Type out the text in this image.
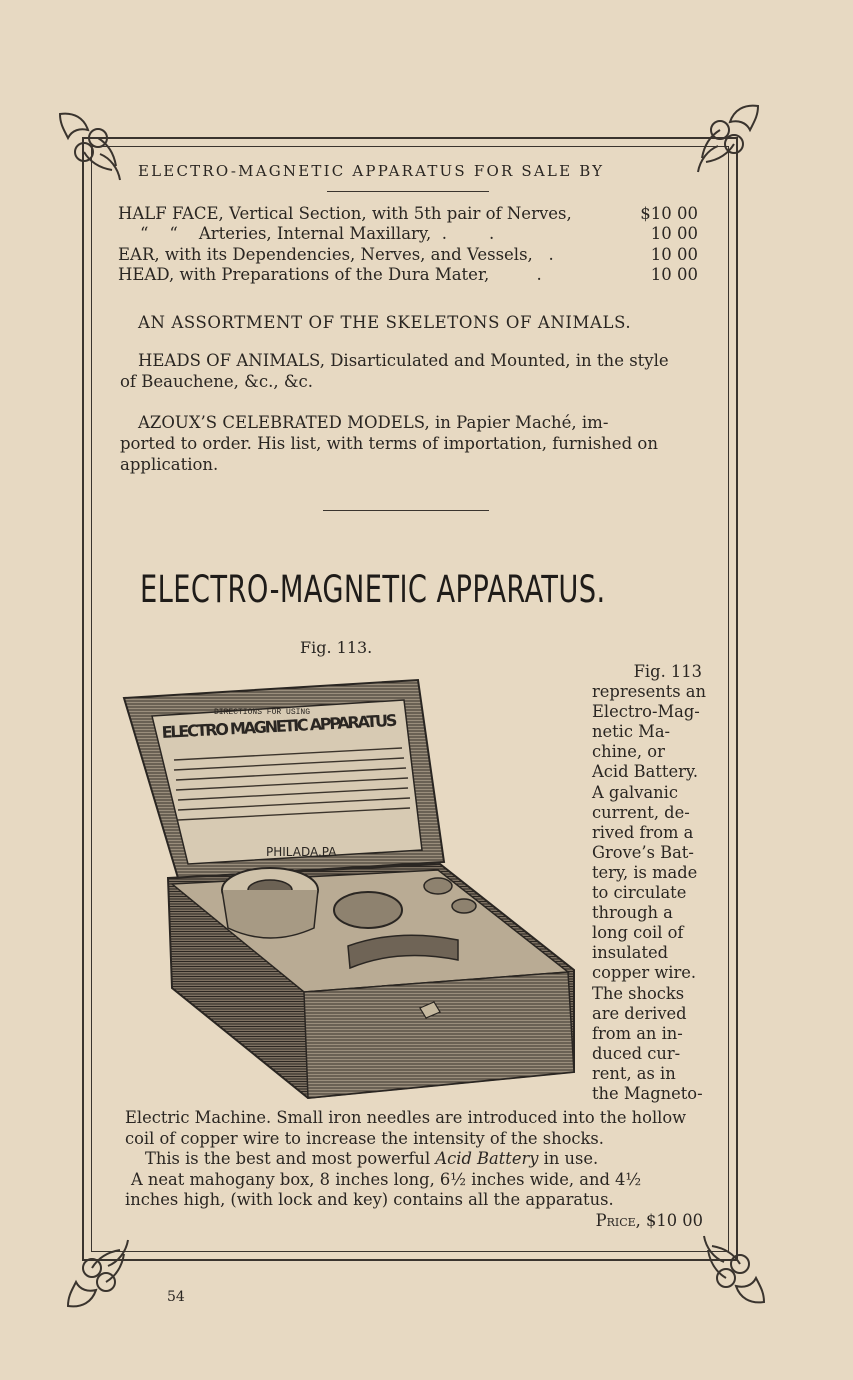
ELECTRO-MAGNETIC APPARATUS FOR SALE BY
HALF FACE, Vertical Section, with 5th pair of Nerves,	$10 00
“    “    Arteries, Internal Maxillary,  .        .	10 00
EAR, with its Dependencies, Nerves, and Vessels,   .	10 00
HEAD, with Preparations of the Dura Mater,         .	10 00
AN ASSORTMENT OF THE SKELETONS OF ANIMALS.
HEADS OF ANIMALS, Disarticulated and Mounted, in the style
of Beauchene, &c., &c.
AZOUX’S CELEBRATED MODELS, in Papier Maché, im-
ported to order. His list, with terms of importation, furnished on
application.
ELECTRO-MAGNETIC APPARATUS.
Fig. 113.
DIRECTIONS FOR USING
ELECTRO MAGNETIC APPARATUS
PHILADA.PA
Fig. 113
represents an
Electro-Mag-
netic Ma-
chine, or
Acid Battery.
A galvanic
current, de-
rived from a
Grove’s Bat-
tery, is made
to circulate
through a
long coil of
insulated
copper wire.
The shocks
are derived
from an in-
duced cur-
rent, as in
the Magneto-
Electric Machine. Small iron needles are introduced into the hollow
coil of copper wire to increase the intensity of the shocks.
This is the best and most powerful Acid Battery in use.
A neat mahogany box, 8 inches long, 6½ inches wide, and 4½
inches high, (with lock and key) contains all the apparatus.
Price, $10 00
54
